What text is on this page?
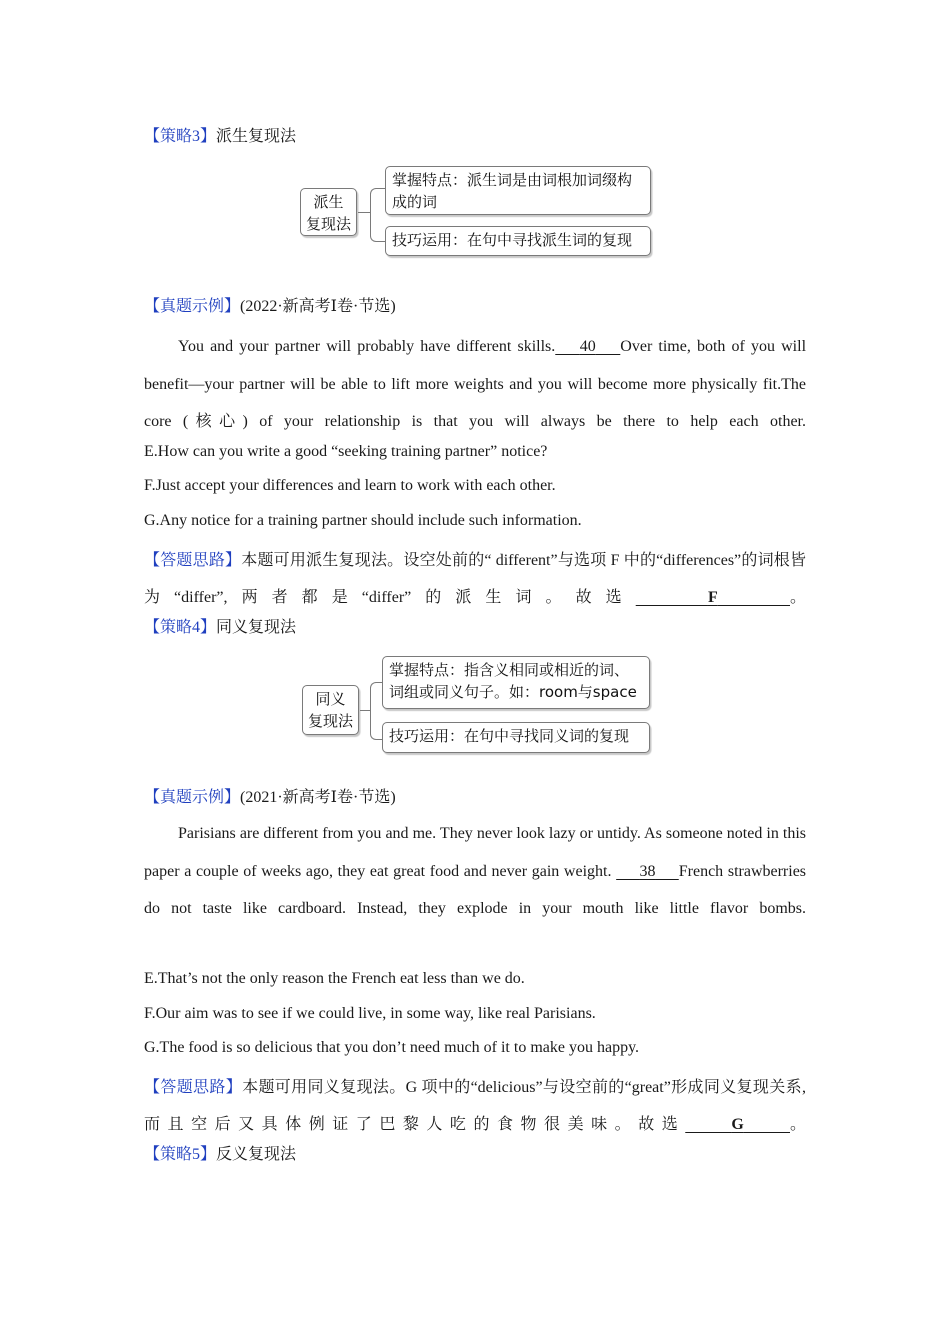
【策略3】派生复现法
派生
复现法
掌握特点：派生词是由词根加词缀构成的词
技巧运用：在句中寻找派生词的复现
【真题示例】(2022·新高考Ⅰ卷·节选)
You and your partner will probably have different skills. 40 Over time, both of you will benefit—your partner will be able to lift more weights and you will become more physically fit.The core (核心) of your relationship is that you will always be there to help each other.
E.How can you write a good “seeking training partner” notice?
F.Just accept your differences and learn to work with each other.
G.Any notice for a training partner should include such information.
【答题思路】本题可用派生复现法。设空处前的“ different”与选项 F 中的“differences”的词根皆为“differ”,两者都是“differ”的派生词。故选	F	。
【策略4】同义复现法
同义
复现法
掌握特点：指含义相同或相近的词、词组或同义句子。如：room与space
技巧运用：在句中寻找同义词的复现
【真题示例】(2021·新高考Ⅰ卷·节选)
Parisians are different from you and me. They never look lazy or untidy. As someone noted in this paper a couple of weeks ago, they eat great food and never gain weight. 38 French strawberries do not taste like cardboard. Instead, they explode in your mouth like little flavor bombs.
E.That’s not the only reason the French eat less than we do.
F.Our aim was to see if we could live, in some way, like real Parisians.
G.The food is so delicious that you don’t need much of it to make you happy.
【答题思路】本题可用同义复现法。G 项中的“delicious”与设空前的“great”形成同义复现关系, 而且空后又具体例证了巴黎人吃的食物很美味。故选	G	。
【策略5】反义复现法
